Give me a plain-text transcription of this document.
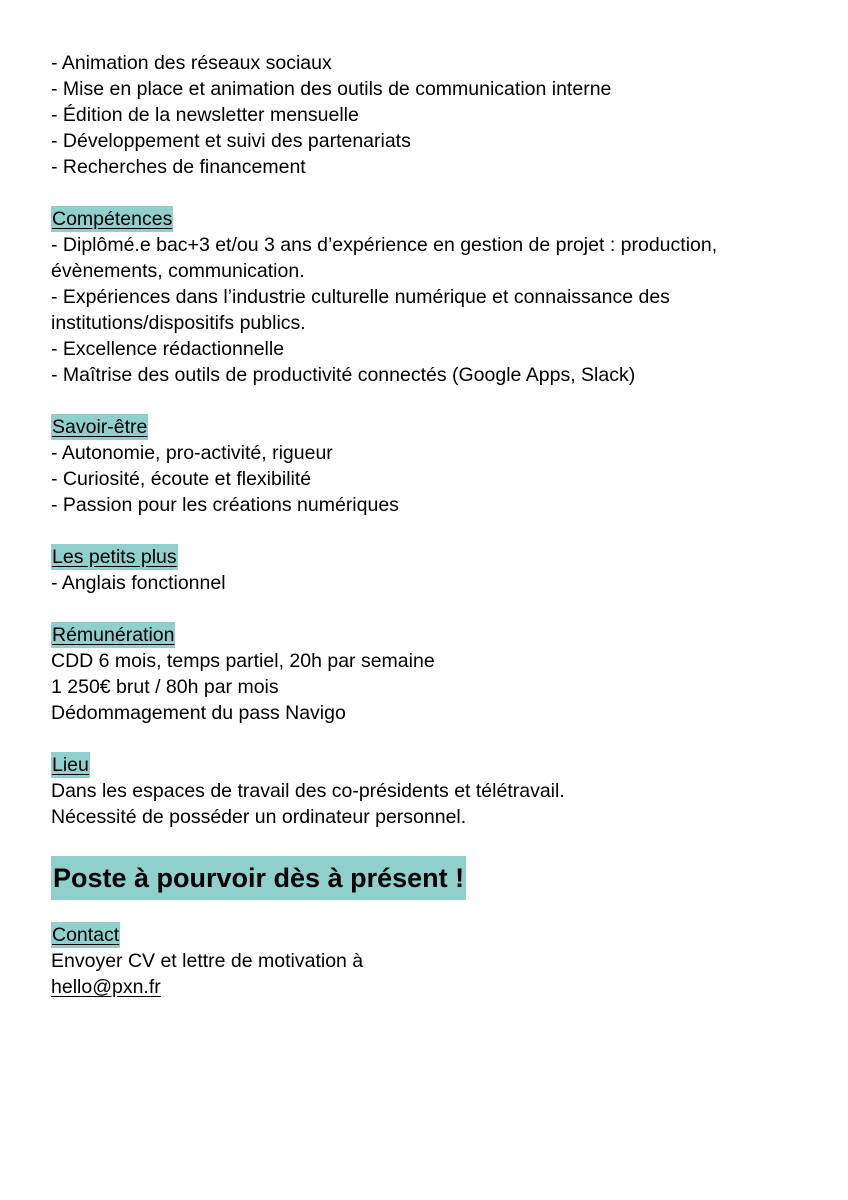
- Animation des réseaux sociaux
- Mise en place et animation des outils de communication interne
- Édition de la newsletter mensuelle
- Développement et suivi des partenariats
- Recherches de financement
Compétences
- Diplômé.e bac+3 et/ou 3 ans d’expérience en gestion de projet : production,
évènements, communication.
- Expériences dans l’industrie culturelle numérique et connaissance des
institutions/dispositifs publics.
- Excellence rédactionnelle
- Maîtrise des outils de productivité connectés (Google Apps, Slack)
Savoir-être
- Autonomie, pro-activité, rigueur
- Curiosité, écoute et flexibilité
- Passion pour les créations numériques
Les petits plus
- Anglais fonctionnel
Rémunération
CDD 6 mois, temps partiel, 20h par semaine
1 250€ brut / 80h par mois
Dédommagement du pass Navigo
Lieu
Dans les espaces de travail des co-présidents et télétravail.
Nécessité de posséder un ordinateur personnel.
Poste à pourvoir dès à présent !
Contact
Envoyer CV et lettre de motivation à
hello@pxn.fr
